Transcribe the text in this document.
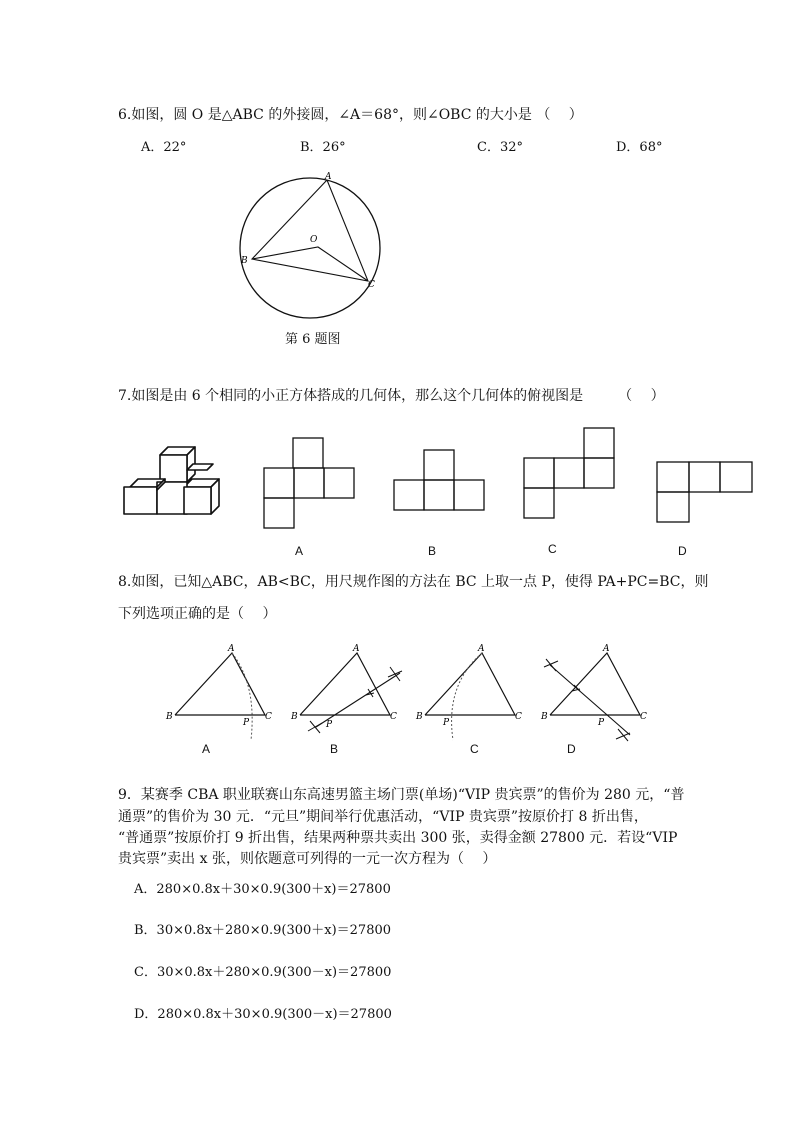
6.如图，圆 O 是△ABC 的外接圆，∠A＝68°，则∠OBC 的大小是 （　 ）
A．22°	B．26°	C．32°	D．68°
A
B
C
O
第 6 题图
7.如图是由 6 个相同的小正方体搭成的几何体，那么这个几何体的俯视图是　　　（　 ）
A	B	C	D
8.如图，已知△ABC，AB<BC，用尺规作图的方法在 BC 上取一点 P，使得 PA+PC=BC，则
下列选项正确的是（　 ）
A
B
P
C
A
B
P
C
A
B
P
C
A
B
P
C
A	B	C	D
9．某赛季 CBA 职业联赛山东高速男篮主场门票(单场)“VIP 贵宾票”的售价为 280 元，“普
通票”的售价为 30 元．“元旦”期间举行优惠活动，“VIP 贵宾票”按原价打 8 折出售，
“普通票”按原价打 9 折出售，结果两种票共卖出 300 张，卖得金额 27800 元．若设“VIP
贵宾票”卖出 x 张，则依题意可列得的一元一次方程为（　 ）
A．280×0.8x＋30×0.9(300＋x)＝27800
B．30×0.8x＋280×0.9(300＋x)＝27800
C．30×0.8x＋280×0.9(300－x)＝27800
D．280×0.8x＋30×0.9(300－x)＝27800
